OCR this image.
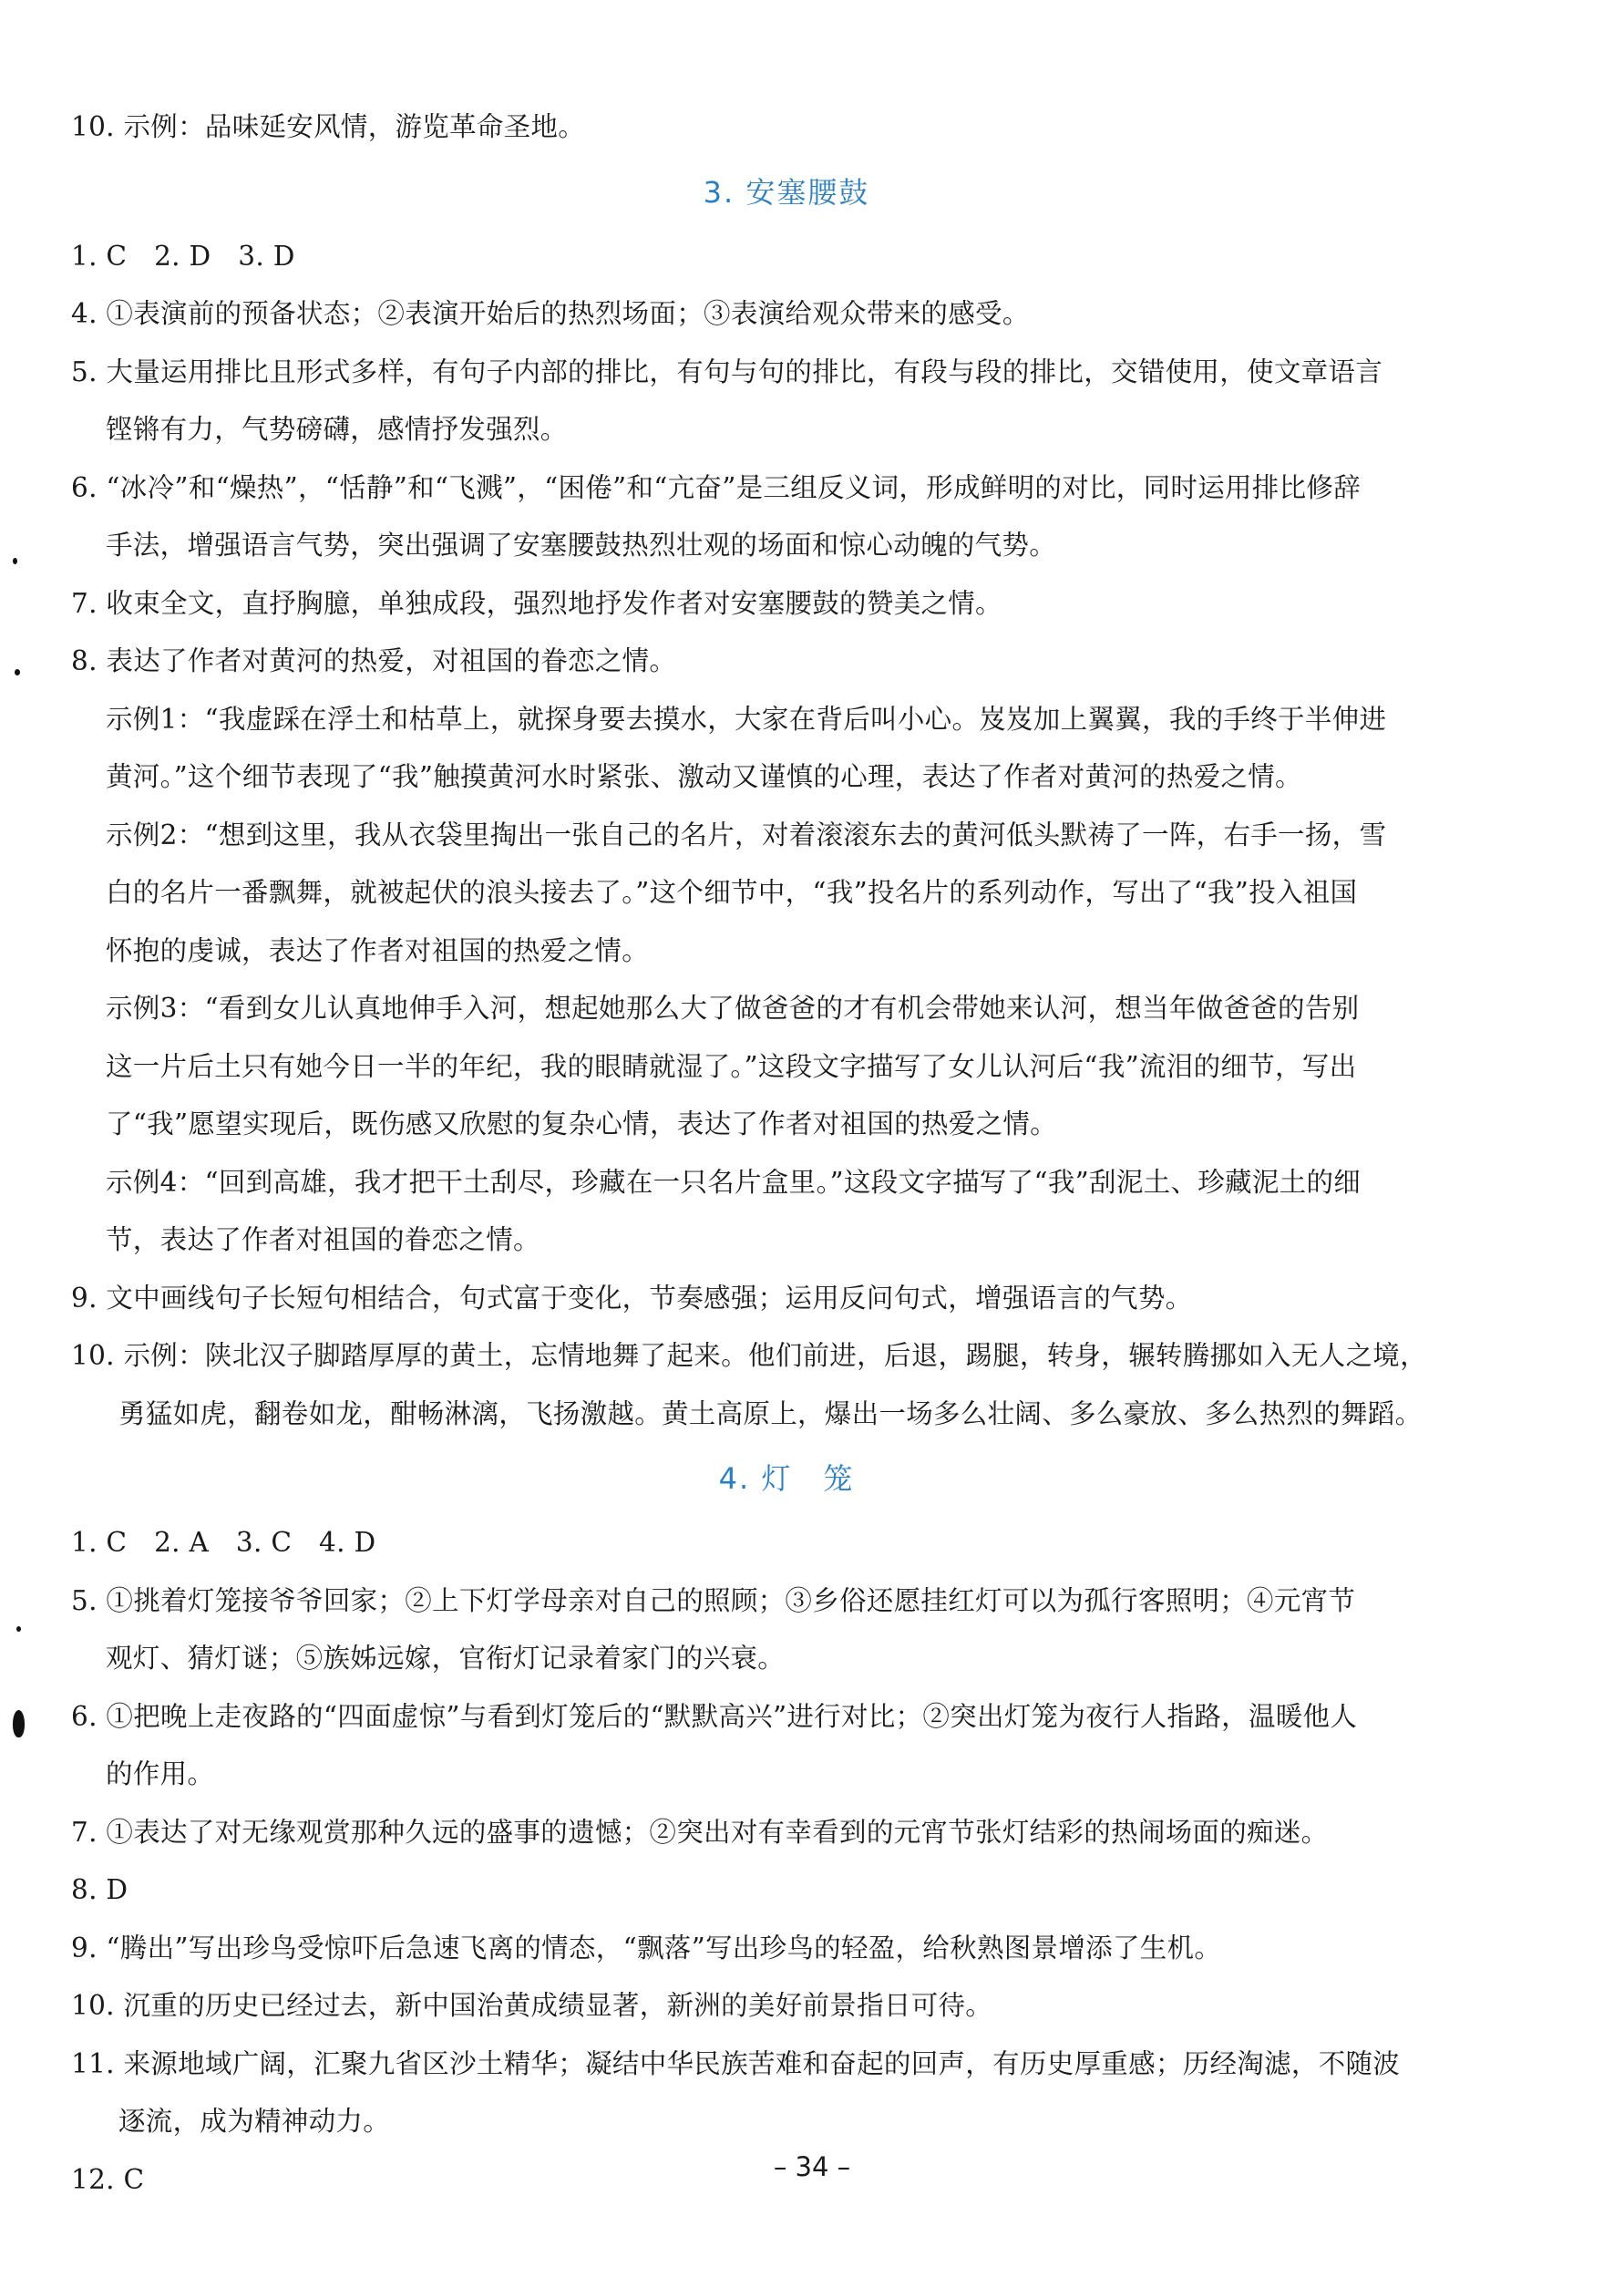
10. 示例：品味延安风情，游览革命圣地。
3. 安塞腰鼓
1. C　2. D　3. D
4. ①表演前的预备状态；②表演开始后的热烈场面；③表演给观众带来的感受。
5. 大量运用排比且形式多样，有句子内部的排比，有句与句的排比，有段与段的排比，交错使用，使文章语言
铿锵有力，气势磅礴，感情抒发强烈。
6. “冰冷”和“燥热”，“恬静”和“飞溅”，“困倦”和“亢奋”是三组反义词，形成鲜明的对比，同时运用排比修辞
手法，增强语言气势，突出强调了安塞腰鼓热烈壮观的场面和惊心动魄的气势。
7. 收束全文，直抒胸臆，单独成段，强烈地抒发作者对安塞腰鼓的赞美之情。
8. 表达了作者对黄河的热爱，对祖国的眷恋之情。
示例1：“我虚踩在浮土和枯草上，就探身要去摸水，大家在背后叫小心。岌岌加上翼翼，我的手终于半伸进
黄河。”这个细节表现了“我”触摸黄河水时紧张、激动又谨慎的心理，表达了作者对黄河的热爱之情。
示例2：“想到这里，我从衣袋里掏出一张自己的名片，对着滚滚东去的黄河低头默祷了一阵，右手一扬，雪
白的名片一番飘舞，就被起伏的浪头接去了。”这个细节中，“我”投名片的系列动作，写出了“我”投入祖国
怀抱的虔诚，表达了作者对祖国的热爱之情。
示例3：“看到女儿认真地伸手入河，想起她那么大了做爸爸的才有机会带她来认河，想当年做爸爸的告别
这一片后土只有她今日一半的年纪，我的眼睛就湿了。”这段文字描写了女儿认河后“我”流泪的细节，写出
了“我”愿望实现后，既伤感又欣慰的复杂心情，表达了作者对祖国的热爱之情。
示例4：“回到高雄，我才把干土刮尽，珍藏在一只名片盒里。”这段文字描写了“我”刮泥土、珍藏泥土的细
节，表达了作者对祖国的眷恋之情。
9. 文中画线句子长短句相结合，句式富于变化，节奏感强；运用反问句式，增强语言的气势。
10. 示例：陕北汉子脚踏厚厚的黄土，忘情地舞了起来。他们前进，后退，踢腿，转身，辗转腾挪如入无人之境，
勇猛如虎，翻卷如龙，酣畅淋漓，飞扬激越。黄土高原上，爆出一场多么壮阔、多么豪放、多么热烈的舞蹈。
4. 灯　笼
1. C　2. A　3. C　4. D
5. ①挑着灯笼接爷爷回家；②上下灯学母亲对自己的照顾；③乡俗还愿挂红灯可以为孤行客照明；④元宵节
观灯、猜灯谜；⑤族姊远嫁，官衔灯记录着家门的兴衰。
6. ①把晚上走夜路的“四面虚惊”与看到灯笼后的“默默高兴”进行对比；②突出灯笼为夜行人指路，温暖他人
的作用。
7. ①表达了对无缘观赏那种久远的盛事的遗憾；②突出对有幸看到的元宵节张灯结彩的热闹场面的痴迷。
8. D
9. “腾出”写出珍鸟受惊吓后急速飞离的情态，“飘落”写出珍鸟的轻盈，给秋熟图景增添了生机。
10. 沉重的历史已经过去，新中国治黄成绩显著，新洲的美好前景指日可待。
11. 来源地域广阔，汇聚九省区沙土精华；凝结中华民族苦难和奋起的回声，有历史厚重感；历经淘滤，不随波
逐流，成为精神动力。
12. C	– 34 –
